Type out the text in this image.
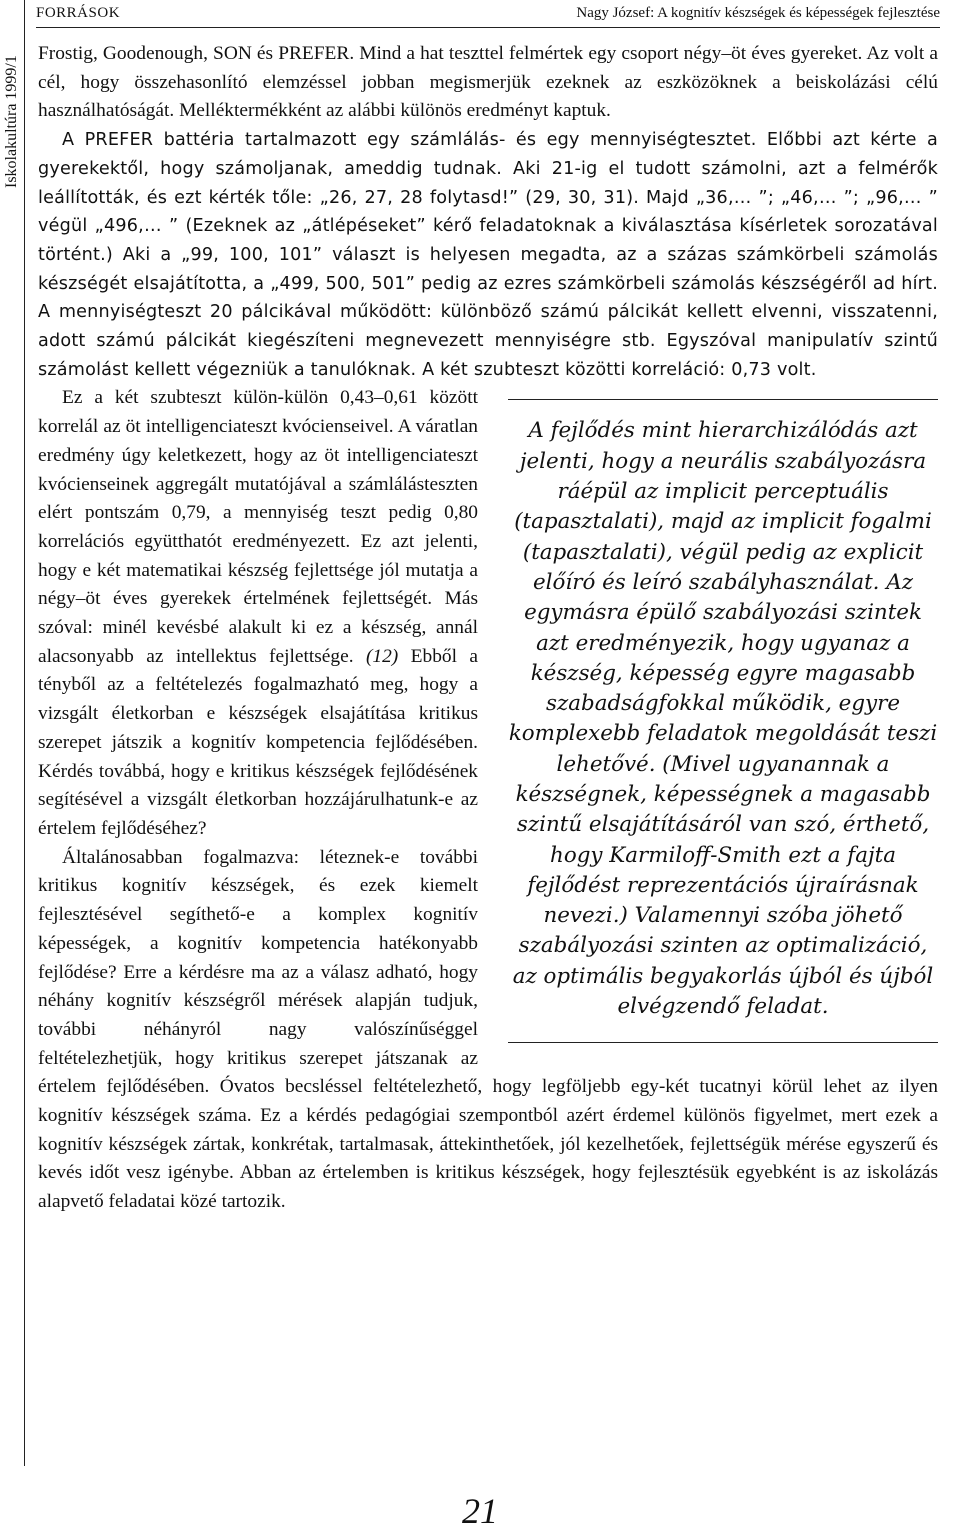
Iskolakultúra 1999/1
FORRÁSOK	Nagy József: A kognitív készségek és képességek fejlesztése

Frostig, Goodenough, SON és PREFER. Mind a hat teszttel felmértek egy csoport négy–öt éves gyereket. Az volt a cél, hogy összehasonlító elemzéssel jobban megismerjük ezeknek az eszközöknek a beiskolázási célú használhatóságát. Melléktermékként az alábbi különös eredményt kaptuk.

A PREFER battéria tartalmazott egy számlálás- és egy mennyiségtesztet. Előbbi azt kérte a gyerekektől, hogy számoljanak, ameddig tudnak. Aki 21-ig el tudott számolni, azt a felmérők leállították, és ezt kérték tőle: „26, 27, 28 folytasd!” (29, 30, 31). Majd „36,… ”; „46,… ”; „96,… ” végül „496,… ” (Ezeknek az „átlépéseket” kérő feladatoknak a kiválasztása kísérletek sorozatával történt.) Aki a „99, 100, 101” választ is helyesen megadta, az a százas számkörbeli számolás készségét elsajátította, a „499, 500, 501” pedig az ezres számkörbeli számolás készségéről ad hírt. A mennyiségteszt 20 pálcikával működött: különböző számú pálcikát kellett elvenni, visszatenni, adott számú pálcikát kiegészíteni megnevezett mennyiségre stb. Egyszóval manipulatív szintű számolást kellett végezniük a tanulóknak. A két szubteszt közötti korreláció: 0,73 volt.

A fejlődés mint hierarchizálódás azt jelenti, hogy a neurális szabályozásra ráépül az implicit perceptuális (tapasztalati), majd az implicit fogalmi (tapasztalati), végül pedig az explicit előíró és leíró szabályhasználat. Az egymásra épülő szabályozási szintek azt eredményezik, hogy ugyanaz a készség, képesség egyre magasabb szabadságfokkal működik, egyre komplexebb feladatok megoldását teszi lehetővé. (Mivel ugyanannak a készségnek, képességnek a magasabb szintű elsajátításáról van szó, érthető, hogy Karmiloff-Smith ezt a fajta fejlődést reprezentációs újraírásnak nevezi.) Valamennyi szóba jöhető szabályozási szinten az optimalizáció, az optimális begyakorlás újból és újból elvégzendő feladat.

Ez a két szubteszt külön-külön 0,43–0,61 között korrelál az öt intelligenciateszt kvócienseivel. A váratlan eredmény úgy keletkezett, hogy az öt intelligenciateszt kvócienseinek aggregált mutatójával a számlálásteszten elért pontszám 0,79, a mennyiség teszt pedig 0,80 korrelációs együtthatót eredményezett. Ez azt jelenti, hogy e két matematikai készség fejlettsége jól mutatja a négy–öt éves gyerekek értelmének fejlettségét. Más szóval: minél kevésbé alakult ki ez a készség, annál alacsonyabb az intellektus fejlettsége. (12) Ebből a tényből az a feltételezés fogalmazható meg, hogy a vizsgált életkorban e készségek elsajátítása kritikus szerepet játszik a kognitív kompetencia fejlődésében. Kérdés továbbá, hogy e kritikus készségek fejlődésének segítésével a vizsgált életkorban hozzájárulhatunk-e az értelem fejlődéséhez?

Általánosabban fogalmazva: léteznek-e további kritikus kognitív készségek, és ezek kiemelt fejlesztésével segíthető-e a komplex kognitív képességek, a kognitív kompetencia hatékonyabb fejlődése? Erre a kérdésre ma az a válasz adható, hogy néhány kognitív készségről mérések alapján tudjuk, további néhányról nagy valószínűséggel feltételezhetjük, hogy kritikus szerepet játszanak az értelem fejlődésében. Óvatos becsléssel feltételezhető, hogy legföljebb egy-két tucatnyi körül lehet az ilyen kognitív készségek száma. Ez a kérdés pedagógiai szempontból azért érdemel különös figyelmet, mert ezek a kognitív készségek zártak, konkrétak, tartalmasak, áttekinthetőek, jól kezelhetőek, fejlettségük mérése egyszerű és kevés időt vesz igénybe. Abban az értelemben is kritikus készségek, hogy fejlesztésük egyebként is az iskolázás alapvető feladatai közé tartozik.

21
